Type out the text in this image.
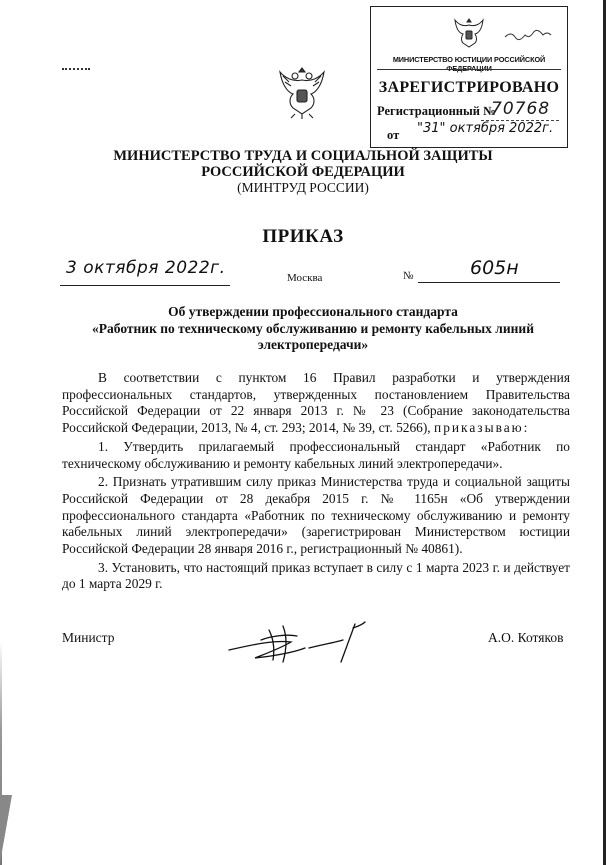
МИНИСТЕРСТВО ЮСТИЦИИ РОССИЙСКОЙ ФЕДЕРАЦИИ
ЗАРЕГИСТРИРОВАНО
Регистрационный №
70768
от	"31" октября 2022г.
МИНИСТЕРСТВО ТРУДА И СОЦИАЛЬНОЙ ЗАЩИТЫ
РОССИЙСКОЙ ФЕДЕРАЦИИ
(МИНТРУД РОССИИ)
ПРИКАЗ
3 октября 2022г.	Москва	№	605н
Об утверждении профессионального стандарта
«Работник по техническому обслуживанию и ремонту кабельных линий
электропередачи»

В соответствии с пунктом 16 Правил разработки и утверждения профессиональных стандартов, утвержденных постановлением Правительства Российской Федерации от 22 января 2013 г. № 23 (Собрание законодательства Российской Федерации, 2013, № 4, ст. 293; 2014, № 39, ст. 5266), приказываю:

1. Утвердить прилагаемый профессиональный стандарт «Работник по техническому обслуживанию и ремонту кабельных линий электропередачи».

2. Признать утратившим силу приказ Министерства труда и социальной защиты Российской Федерации от 28 декабря 2015 г. № 1165н «Об утверждении профессионального стандарта «Работник по техническому обслуживанию и ремонту кабельных линий электропередачи» (зарегистрирован Министерством юстиции Российской Федерации 28 января 2016 г., регистрационный № 40861).

3. Установить, что настоящий приказ вступает в силу с 1 марта 2023 г. и действует до 1 марта 2029 г.

Министр	А.О. Котяков
